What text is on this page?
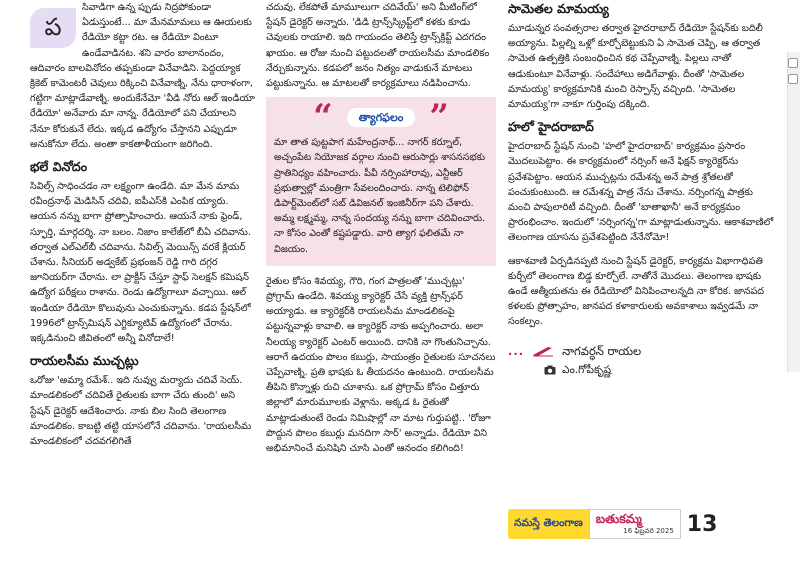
ప

సివాడిగా ఉన్న ప్పుడు నిద్రపోకుండా ఏడుస్తుంటే... మా మేనమామలు ఆ ఊయలకు రేడియో కట్టా రట. ఆ రేడియో వింటూ ఉండేవాడినట. శని వారం బాలానందం, ఆదివారం బాలవినోదం తప్పకుండా వినేవాడిని. పెద్దయ్యాక క్రికెట్ కామెంటరీ చెవులు రిక్కించి వినేవాణ్ని, నేను ధారాళంగా, గట్టిగా మాట్లాడేవాణ్ని. అందుకేనేమో 'వీడి నోరు ఆల్ ఇండియా రేడియో' అనేవారు మా నాన్న. రేడియోలో పని చేయాలని నేనూ కోరుకునే లేదు. ఇక్కడ ఉద్యోగం చేస్తానని ఎప్పుడూ అనుకోనూ లేదు. అంతా కాకతాళీయంగా జరిగింది.

భలే వినోదం

సివిల్స్ సాధించడం నా లక్ష్యంగా ఉండేది. మా మేన మామ రవీంద్రనాథ్ మెడిసిన్ చదివి, ఐపీఎస్‌కి ఎంపిక య్యారు. ఆయన నన్ను బాగా ప్రోత్సాహించారు. ఆయనే నాకు ఫ్రెండ్, స్ఫూర్తి, మార్గదర్శి. నా బలం. నిజాం కాలేజ్‌లో బీఏ చదివాను. తర్వాత ఎల్ఎల్‌బీ చదివాను. సివిల్స్ మెయిన్స్ వరకే క్లియర్ చేశాను. సీనియర్ అడ్వకేట్ ప్రభంజన్ రెడ్డి గారి దగ్గర జూనియర్‌గా చేరాను. లా ప్రాక్టీస్ చేస్తూ స్టాఫ్ సెలక్షన్ కమిషన్ ఉద్యోగ పరీక్షలు రాశాను. రెండు ఉద్యోగాలూ వచ్చాయి. ఆల్ ఇండియా రేడియో కొలువును ఎంచుకున్నాను. కడప స్టేషన్‌లో 1996లో ట్రాన్స్‌మిషన్ ఎగ్జిక్యూటివ్ ఉద్యోగంలో చేరాను. ఇక్కడినుంచి జీవితంలో అన్నీ వినోదాలే!

రాయలసీమ ముచ్చట్లు

ఒరోజు 'అమ్మా రమేశ్.. ఇది నువ్వు మర్యాదు చదివే సెయ్. మాండలికంలో చదివితే రైతులకు బాగా చేరు తుంది' అని స్టేషన్ డైరెక్టర్ ఆదేశించారు. నాకు బిల సింది తెలంగాణ మాండలికం. కాబట్టి తట్టి యాసలోనే చదివాను. 'రాయలసీమ మాండలికంలో చదవగలిగితే

చదువు. లేకపోతే మామూలుగా చదివేయ్' అని మీటింగ్‌లో స్టేషన్ డైరెక్టర్ అన్నారు. 'డిడి ట్రాన్స్‌స్క్రిప్ట్‌లో కళకు కూడు చెవులకు రాయాలి. ఇది గాయందం తెలిస్తే ట్రాన్స్‌క్రిప్ట్ ఎదగదం ఖాయం. ఆ రోజు నుంచి పట్టుదలతో రాయలసీమ మాండలికం నేర్చుకున్నాను. కడపలో జనం నిత్యం వాడుకునే మాటలు పట్టుకున్నాను. ఆ మాటలతో కార్యక్రమాలు నడిపించాను.

“	త్యాగఫలం ”

మా తాత పుట్టపాగ మహేంద్రనాథ్... నాగర్ కర్నూల్, అచ్చంపేట నియోజక వర్గాల నుంచి ఆరుసార్లు శాసనసభకు ప్రాతినిధ్యం వహించారు. పీవీ నర్సింహారావు, ఎన్టీఆర్ ప్రభుత్వాల్లో మంత్రిగా సేవలందించారు. నాన్న టెలిఫోన్ డిపార్ట్‌మెంట్‌లో సబ్ డివిజనల్ ఇంజినీర్‌గా పని చేశారు. అమ్మ లక్ష్మమ్మ, నాన్న సందయ్య నన్ను బాగా చదివించారు. నా కోసం ఎంతో కష్టపడ్డారు. వారి త్యాగ ఫలితమే నా విజయం.

రైతుల కోసం శివయ్య, గౌరి, గంగ పాత్రలతో 'ముచ్చట్లు' ప్రోగ్రామ్ ఉండేది. శివయ్య క్యారెక్టర్ చేసే వ్యక్తి ట్రాన్స్‌ఫర్ అయ్యాడు. ఆ క్యారెక్టర్‌కి రాయలసీమ మాండలికంపై పట్టున్నవాళ్లు కావాలి. ఆ క్యారెక్టర్ నాకు అప్పగించారు. అలా నీలయ్య క్యారెక్టర్ ఎంటర్ అయింది. దానికి నా గొంతునిచ్చాను. ఆరాగే ఉదయం పొలం కబుర్లు, సాయంత్రం రైతులకు సూచనలు చెప్పేవాణ్ని. ప్రతి భాషకు ఓ తీయదనం ఉంటుంది. రాయలసీమ తీపిని కొన్నాళ్లు రుచి చూశాను. ఒక ప్రోగ్రామ్ కోసం చిత్తూరు జిల్లాలో మారుమూలకు వెళ్లాను. అక్కడ ఓ రైతుతో మాట్లాడుతుంటే రెండు నిమిషాల్లో నా మాట గుర్తుపట్టి.. 'రోజూ పొద్దున పొలం కబుర్లు మనదిగా సార్' అన్నాడు. రేడియో విని అభిమానించే మనిషిని చూసి ఎంతో ఆనందం కలిగింది!

సామెతల మామయ్య

మూడున్నర సంవత్సరాల తర్వాత హైదరాబాద్ రేడియో స్టేషన్‌కు బదిలీ అయ్యాను. పిల్లల్ని ఒళ్లో కూర్చోబెట్టుకుని ఏ సామెత చెప్పి, ఆ తర్వాత సామెత ఉత్పత్తికి సంబంధించిన కథ చెప్పేవాణ్ని. పిల్లలు నాతో ఆడుకుంటూ వినేవాళ్లు. సందేహాలు అడిగేవాళ్లు. దీంతో 'సామెతల మామయ్య' కార్యక్రమానికి మంచి రెస్పాన్స్ వచ్చింది. 'సామెతల మామయ్య'గా నాకూ గుర్తింపు దక్కింది.

హలో హైదరాబాద్

హైదరాబాద్ స్టేషన్ నుంచి 'హలో హైదరాబాద్' కార్యక్రమం ప్రసారం మొదలుపెట్టాం. ఈ కార్యక్రమంలో నర్సింగ్ అనే ఫిక్షన్ క్యారెక్టర్‌ను ప్రవేశపెట్టాం. ఆయన ముచ్చట్లను రమేశన్న అనే పాత్ర శ్రోతలతో పంచుకుంటుంది. ఆ రమేశన్న పాత్ర నేను చేశాను. నర్సింగన్న పాత్రకు మంచి పాపులారిటీ వచ్చింది. దీంతో 'బాతాఖానీ' అనే కార్యక్రమం ప్రారంభించాం. ఇందులో 'నర్సింగన్న'గా మాట్లాడుతున్నాను. ఆకాశవాణిలో తెలంగాణ యాసను ప్రవేశపెట్టింది నేనేనోమో!

ఆకాశవాణి ఏర్పడినప్పటి నుంచి స్టేషన్ డైరెక్టర్, కార్యక్రమ విభాగాధిపతి కుర్చీలో తెలంగాణ బిడ్డ కూర్చోలే. నాతోనే మొదలు. తెలంగాణ భాషకు ఉండే ఆత్మీయతను ఈ రేడియోలో వినిపించాలన్నది నా కోరిక. జానపద కళలకు ప్రోత్సాహం, జానపద కళాకారులకు అవకాశాలు ఇవ్వడమే నా సంకల్పం.

...	నాగవర్ధన్ రాయల
ఎం.గోపీకృష్ణ
నమస్తే తెలంగాణ	బతుకమ్మ
16 ఫిబ్రవరి 2025 13
